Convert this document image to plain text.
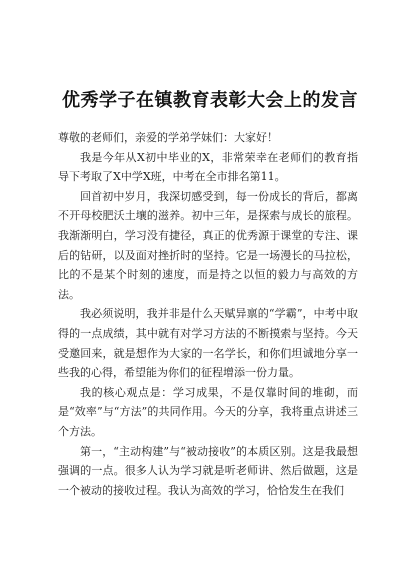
优秀学子在镇教育表彰大会上的发言

尊敬的老师们，亲爱的学弟学妹们：大家好！

我是今年从X初中毕业的X，非常荣幸在老师们的教育指导下考取了X中学X班，中考在全市排名第11。

回首初中岁月，我深切感受到，每一份成长的背后，都离不开母校肥沃土壤的滋养。初中三年，是探索与成长的旅程。我渐渐明白，学习没有捷径，真正的优秀源于课堂的专注、课后的钻研，以及面对挫折时的坚持。它是一场漫长的马拉松，比的不是某个时刻的速度，而是持之以恒的毅力与高效的方法。

我必须说明，我并非是什么天赋异禀的“学霸”，中考中取得的一点成绩，其中就有对学习方法的不断摸索与坚持。今天受邀回来，就是想作为大家的一名学长，和你们坦诚地分享一些我的心得，希望能为你们的征程增添一份力量。

我的核心观点是：学习成果，不是仅靠时间的堆砌，而是“效率”与“方法”的共同作用。今天的分享，我将重点讲述三个方法。

第一，“主动构建”与“被动接收”的本质区别。这是我最想强调的一点。很多人认为学习就是听老师讲、然后做题，这是一个被动的接收过程。我认为高效的学习，恰恰发生在我们
